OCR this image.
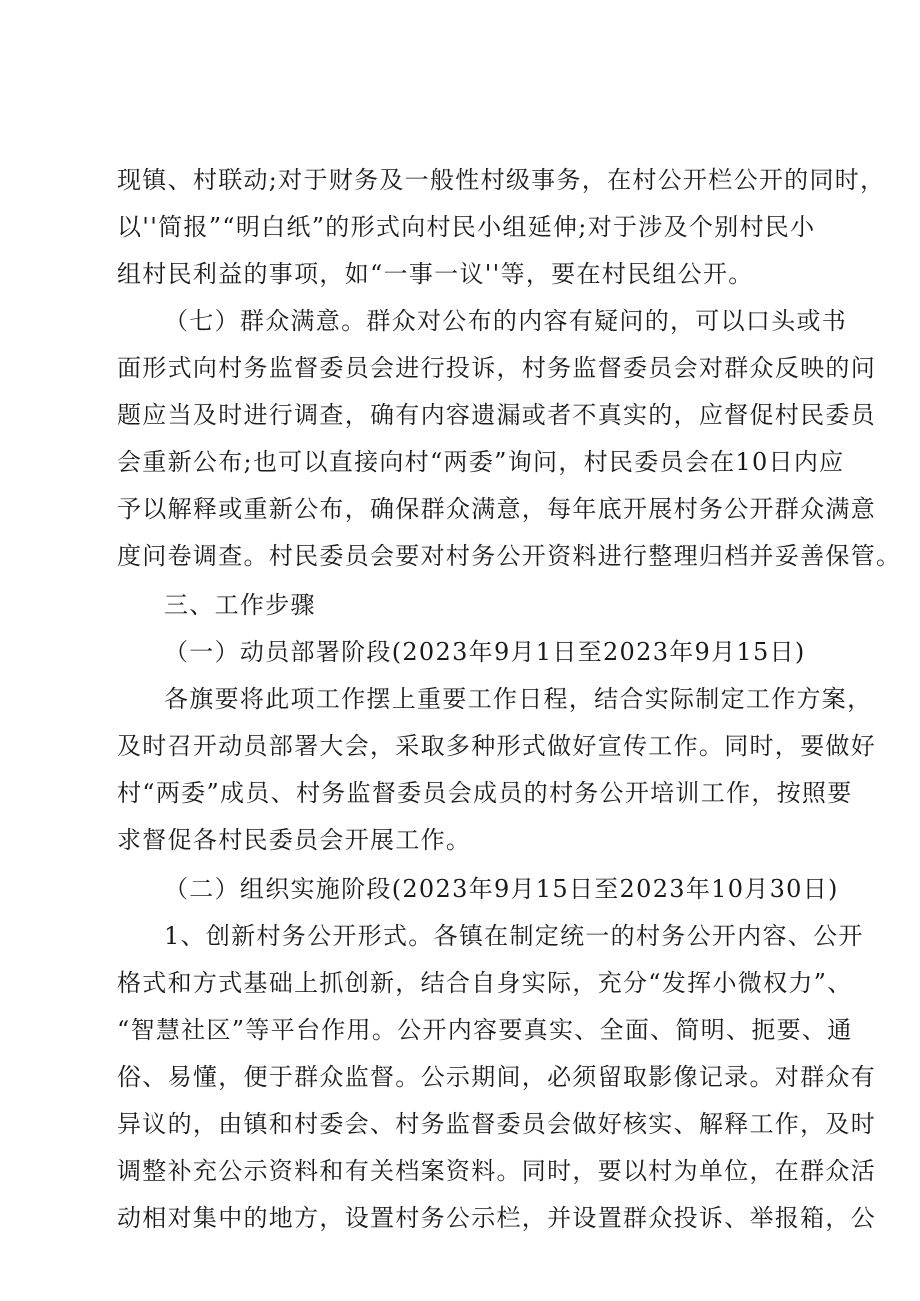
现镇、村联动;对于财务及一般性村级事务，在村公开栏公开的同时，
以''简报”“明白纸”的形式向村民小组延伸;对于涉及个别村民小
组村民利益的事项，如“一事一议''等，要在村民组公开。
（七）群众满意。群众对公布的内容有疑问的，可以口头或书
面形式向村务监督委员会进行投诉，村务监督委员会对群众反映的问
题应当及时进行调查，确有内容遗漏或者不真实的，应督促村民委员
会重新公布;也可以直接向村“两委”询问，村民委员会在10日内应
予以解释或重新公布，确保群众满意，每年底开展村务公开群众满意
度问卷调查。村民委员会要对村务公开资料进行整理归档并妥善保管。
三、工作步骤
（一）动员部署阶段(2023年9月1日至2023年9月15日)
各旗要将此项工作摆上重要工作日程，结合实际制定工作方案，
及时召开动员部署大会，采取多种形式做好宣传工作。同时，要做好
村“两委”成员、村务监督委员会成员的村务公开培训工作，按照要
求督促各村民委员会开展工作。
（二）组织实施阶段(2023年9月15日至2023年10月30日)
1、创新村务公开形式。各镇在制定统一的村务公开内容、公开
格式和方式基础上抓创新，结合自身实际，充分“发挥小微权力”、
“智慧社区”等平台作用。公开内容要真实、全面、简明、扼要、通
俗、易懂，便于群众监督。公示期间，必须留取影像记录。对群众有
异议的，由镇和村委会、村务监督委员会做好核实、解释工作，及时
调整补充公示资料和有关档案资料。同时，要以村为单位，在群众活
动相对集中的地方，设置村务公示栏，并设置群众投诉、举报箱，公
